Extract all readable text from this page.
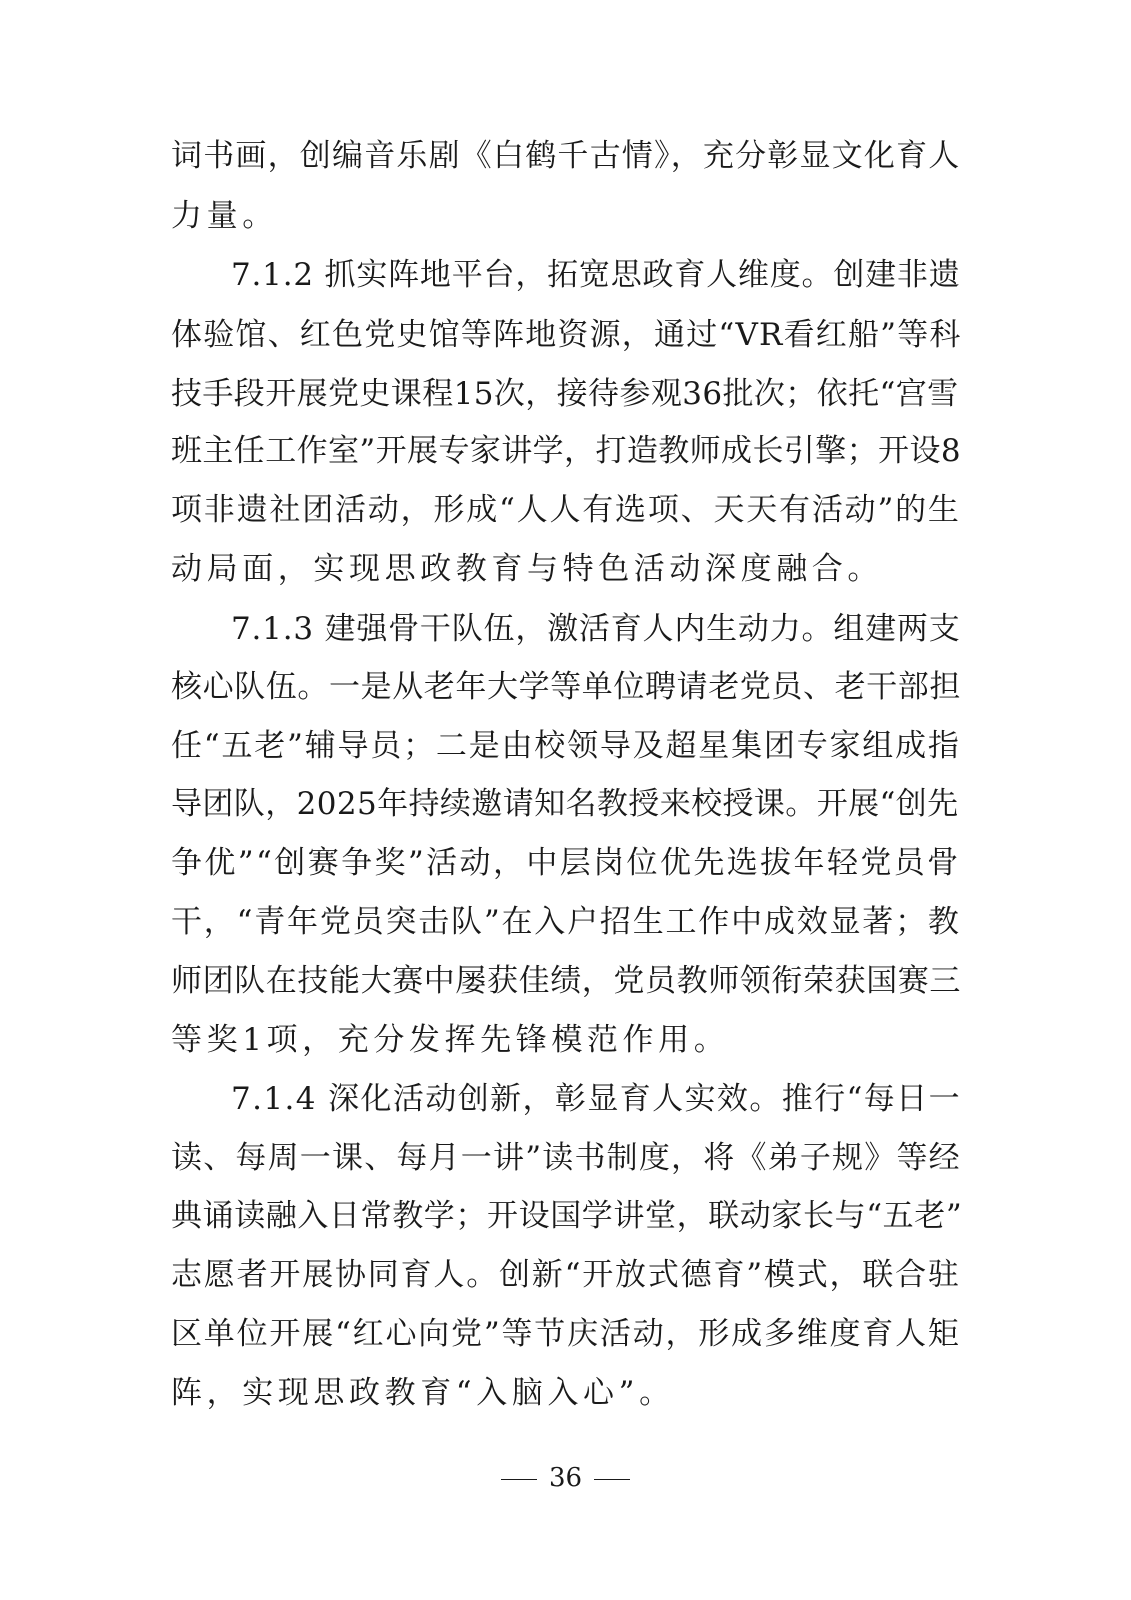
词书画，创编音乐剧《白鹤千古情》，充分彰显文化育人
力量。
7.1.2 抓实阵地平台，拓宽思政育人维度。创建非遗
体验馆、红色党史馆等阵地资源，通过“VR看红船”等科
技手段开展党史课程15次，接待参观36批次；依托“宫雪
班主任工作室”开展专家讲学，打造教师成长引擎；开设8
项非遗社团活动，形成“人人有选项、天天有活动”的生
动局面，实现思政教育与特色活动深度融合。
7.1.3 建强骨干队伍，激活育人内生动力。组建两支
核心队伍。一是从老年大学等单位聘请老党员、老干部担
任“五老”辅导员；二是由校领导及超星集团专家组成指
导团队，2025年持续邀请知名教授来校授课。开展“创先
争优”“创赛争奖”活动，中层岗位优先选拔年轻党员骨
干，“青年党员突击队”在入户招生工作中成效显著；教
师团队在技能大赛中屡获佳绩，党员教师领衔荣获国赛三
等奖1项，充分发挥先锋模范作用。
7.1.4 深化活动创新，彰显育人实效。推行“每日一
读、每周一课、每月一讲”读书制度，将《弟子规》等经
典诵读融入日常教学；开设国学讲堂，联动家长与“五老”
志愿者开展协同育人。创新“开放式德育”模式，联合驻
区单位开展“红心向党”等节庆活动，形成多维度育人矩
阵，实现思政教育“入脑入心”。
36
